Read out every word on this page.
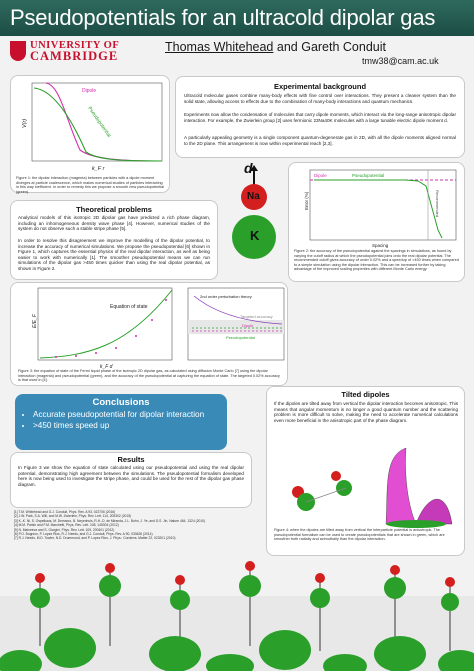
Pseudopotentials for an ultracold dipolar gas
UNIVERSITY OF
CAMBRIDGE
Thomas Whitehead and Gareth Conduit
tmw38@cam.ac.uk
Dipole
Pseudopotential
V(r)
k_F r
Figure 1: the dipolar interaction (magenta) between particles with a dipole moment diverges at particle coalescence, which makes numerical studies of particles interacting in this way inefficient. In order to remedy this we propose a smooth new pseudopotential (green).
Experimental background
Ultracold molecular gases combine many-body effects with fine control over interactions. They present a cleaner system than the solid state, allowing access to effects due to the combination of many-body interactions and quantum mechanics.
Experiments now allow the condensation of molecules that carry dipole moments, which interact via the long-range anisotropic dipolar interaction. For example, the Zwierlein group [2] uses fermionic 23Na40K molecules with a large tunable electric dipole moment d.
A particularly appealing geometry is a single component quantum-degenerate gas in 2D, with all the dipole moments aligned normal to the 2D plane. This arrangement is now within experimental reach [2,3].
d
Na
K
Dipole	Pseudopotential
Recommended
Error (%)
Spacing
Figure 2: the accuracy of the pseudopotential against the spacings in simulations, as found by varying the cutoff radius at which the pseudopotential joins onto the real dipolar potential. The recommended cutoff gives accuracy of order 0.02% and a speedup of >450 times when compared to a simple simulation using the dipolar interaction. This can be increased further by taking advantage of the improved scaling properties with different Monte Carlo energy.
Theoretical problems
Analytical models of this isotropic 2D dipolar gas have predicted a rich phase diagram, including an inhomogeneous density wave phase [4]. However, numerical studies of the system do not observe such a stable stripe phase [5].
In order to resolve this disagreement we improve the modelling of the dipolar potential, to increase the accuracy of numerical simulations. We propose the pseudopotential [6] shown in Figure 1, which captures the essential physics of the real dipolar interaction, as well as being easier to work with numerically [1]. The smoother pseudopotential means we can run simulations of the dipolar gas >450 times quicker than using the real dipolar potential, as shown in Figure 2.
Equation of state
E/E_F
k_F d
2nd order perturbation theory
Targeted accuracy
Dipole
Pseudopotential
Figure 3: the equation of state of the Fermi liquid phase of the isotropic 2D dipolar gas, as calculated using diffusion Monte Carlo [7] using the dipolar interaction (magenta) and pseudopotential (green), and the accuracy of the pseudopotential at capturing the equation of state. The targeted 0.02% accuracy is that used in [4].
Conclusions
• Accurate pseudopotential for dipolar interaction
• >450 times speed up
Results
In Figure 3 we show the equation of state calculated using our pseudopotential and using the real dipolar potential, demonstrating high agreement between the simulations. The pseudopotential formalism developed here is now being used to investigate the stripe phase, and could be used for the rest of the dipolar gas phase diagram.
[1] T.M. Whitehead and G.J. Conduit, Phys. Rev. A 93, 022706 (2016)
[2] J.W. Park, S.A. Will, and M.W. Zwierlein, Phys. Rev. Lett. 114, 205302 (2015)
[3] K.-K. Ni, S. Ospelkaus, M. Demarco, B. Neyenhuis, R.H.-D. de Miranda, J.L. Bohn, J. Ye, and D.S. Jin, Nature 464, 1324 (2010)
[4] M.M. Parish and F.M. Marchetti, Phys. Rev. Lett. 108, 145304 (2012)
[5] N. Matveeva and S. Giorgini, Phys. Rev. Lett. 109, 200401 (2012)
[6] P.O. Bugnion, P. Lopez Rios, R.J. Needs, and G.J. Conduit, Phys. Rev. A 90, 033626 (2014)
[7] R.J. Needs, M.D. Towler, N.D. Drummond, and P. Lopez Rios, J. Phys.: Condens. Matter 22, 023201 (2010)
Tilted dipoles
If the dipoles are tilted away from vertical the dipolar interaction becomes anisotropic. This means that angular momentum is no longer a good quantum number and the scattering problem is more difficult to solve, making the need to accelerate numerical calculations even more beneficial in the anisotropic part of the phase diagram.
Figure 4: when the dipoles are tilted away from vertical the interparticle potential is anisotropic. The pseudopotential formalism can be used to create pseudopotentials that are shown in green, which are smoother both radially and azimuthally than the dipolar interaction.
